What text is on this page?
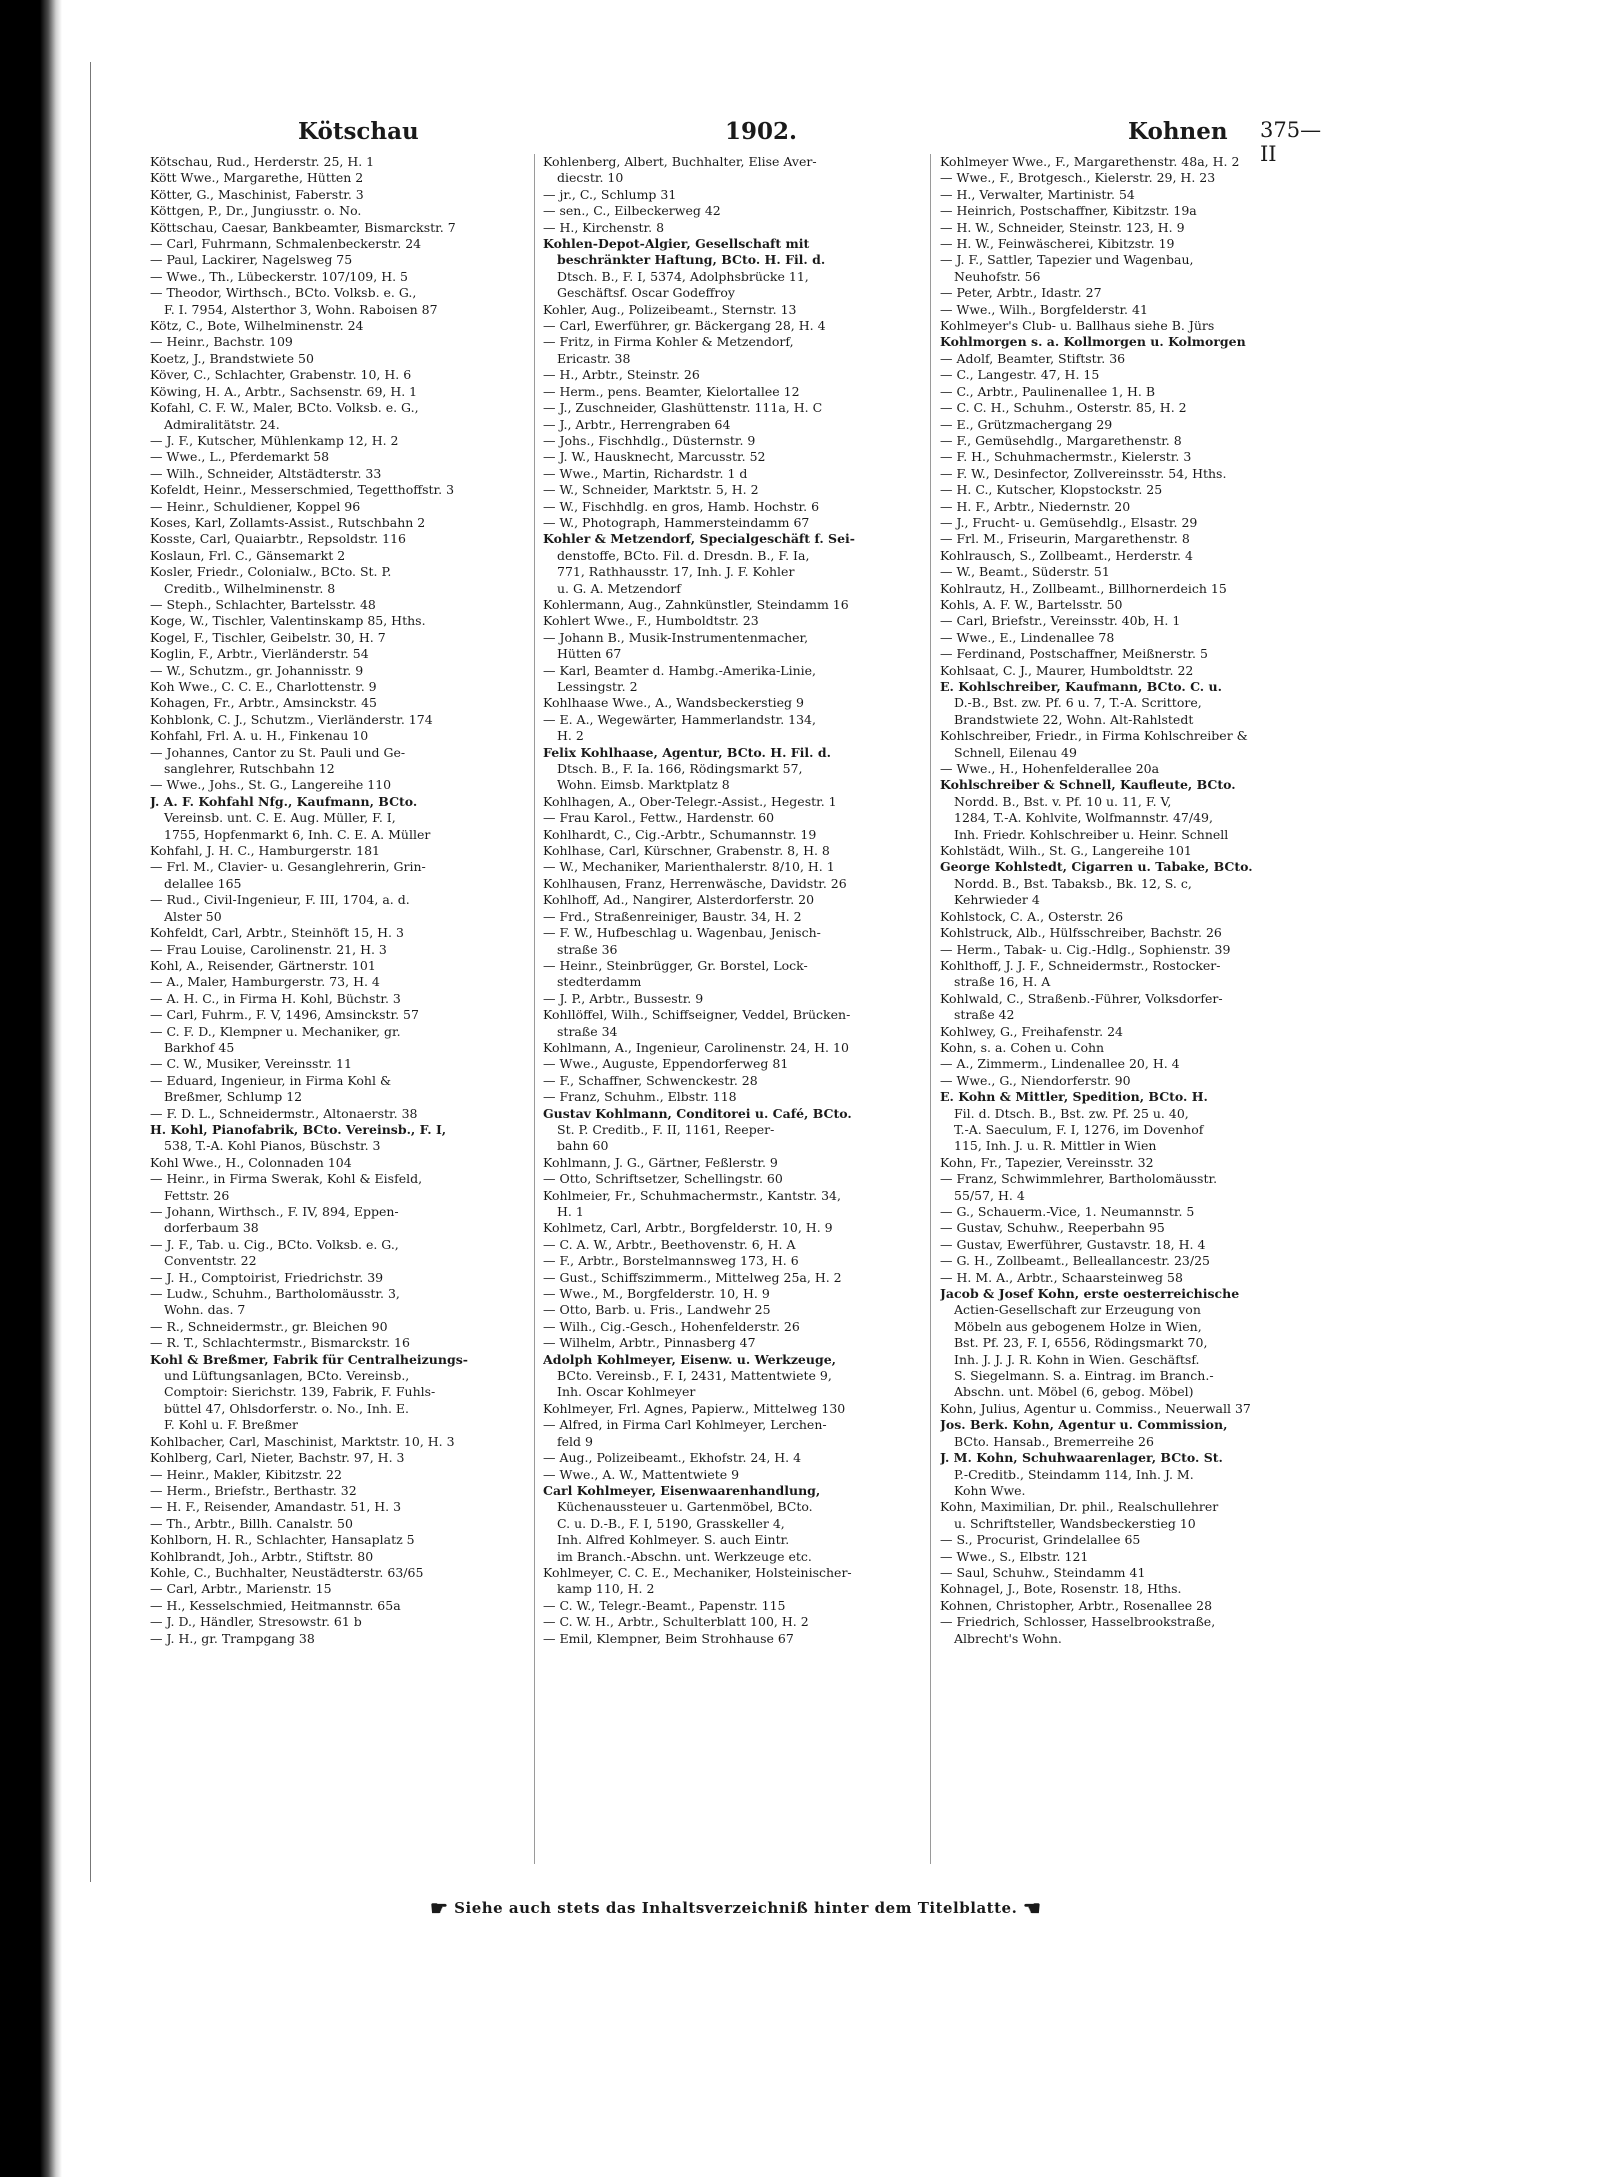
Kötschau	1902.	Kohnen 375—II
Kötschau, Rud., Herderstr. 25, H. 1
Kött Wwe., Margarethe, Hütten 2
Kötter, G., Maschinist, Faberstr. 3
Köttgen, P., Dr., Jungiusstr. o. No.
Köttschau, Caesar, Bankbeamter, Bismarckstr. 7
— Carl, Fuhrmann, Schmalenbeckerstr. 24
— Paul, Lackirer, Nagelsweg 75
— Wwe., Th., Lübeckerstr. 107/109, H. 5
— Theodor, Wirthsch., BCto. Volksb. e. G.,
F. I. 7954, Alsterthor 3, Wohn. Raboisen 87
Kötz, C., Bote, Wilhelminenstr. 24
— Heinr., Bachstr. 109
Koetz, J., Brandstwiete 50
Köver, C., Schlachter, Grabenstr. 10, H. 6
Köwing, H. A., Arbtr., Sachsenstr. 69, H. 1
Kofahl, C. F. W., Maler, BCto. Volksb. e. G.,
Admiralitätstr. 24.
— J. F., Kutscher, Mühlenkamp 12, H. 2
— Wwe., L., Pferdemarkt 58
— Wilh., Schneider, Altstädterstr. 33
Kofeldt, Heinr., Messerschmied, Tegetthoffstr. 3
— Heinr., Schuldiener, Koppel 96
Koses, Karl, Zollamts-Assist., Rutschbahn 2
Kosste, Carl, Quaiarbtr., Repsoldstr. 116
Koslaun, Frl. C., Gänsemarkt 2
Kosler, Friedr., Colonialw., BCto. St. P.
Creditb., Wilhelminenstr. 8
— Steph., Schlachter, Bartelsstr. 48
Koge, W., Tischler, Valentinskamp 85, Hths.
Kogel, F., Tischler, Geibelstr. 30, H. 7
Koglin, F., Arbtr., Vierländerstr. 54
— W., Schutzm., gr. Johannisstr. 9
Koh Wwe., C. C. E., Charlottenstr. 9
Kohagen, Fr., Arbtr., Amsinckstr. 45
Kohblonk, C. J., Schutzm., Vierländerstr. 174
Kohfahl, Frl. A. u. H., Finkenau 10
— Johannes, Cantor zu St. Pauli und Ge-
sanglehrer, Rutschbahn 12
— Wwe., Johs., St. G., Langereihe 110
J. A. F. Kohfahl Nfg., Kaufmann, BCto.
Vereinsb. unt. C. E. Aug. Müller, F. I,
1755, Hopfenmarkt 6, Inh. C. E. A. Müller
Kohfahl, J. H. C., Hamburgerstr. 181
— Frl. M., Clavier- u. Gesanglehrerin, Grin-
delallee 165
— Rud., Civil-Ingenieur, F. III, 1704, a. d.
Alster 50
Kohfeldt, Carl, Arbtr., Steinhöft 15, H. 3
— Frau Louise, Carolinenstr. 21, H. 3
Kohl, A., Reisender, Gärtnerstr. 101
— A., Maler, Hamburgerstr. 73, H. 4
— A. H. C., in Firma H. Kohl, Büchstr. 3
— Carl, Fuhrm., F. V, 1496, Amsinckstr. 57
— C. F. D., Klempner u. Mechaniker, gr.
Barkhof 45
— C. W., Musiker, Vereinsstr. 11
— Eduard, Ingenieur, in Firma Kohl &
Breßmer, Schlump 12
— F. D. L., Schneidermstr., Altonaerstr. 38
H. Kohl, Pianofabrik, BCto. Vereinsb., F. I,
538, T.-A. Kohl Pianos, Büschstr. 3
Kohl Wwe., H., Colonnaden 104
— Heinr., in Firma Swerak, Kohl & Eisfeld,
Fettstr. 26
— Johann, Wirthsch., F. IV, 894, Eppen-
dorferbaum 38
— J. F., Tab. u. Cig., BCto. Volksb. e. G.,
Conventstr. 22
— J. H., Comptoirist, Friedrichstr. 39
— Ludw., Schuhm., Bartholomäusstr. 3,
Wohn. das. 7
— R., Schneidermstr., gr. Bleichen 90
— R. T., Schlachtermstr., Bismarckstr. 16
Kohl & Breßmer, Fabrik für Centralheizungs-
und Lüftungsanlagen, BCto. Vereinsb.,
Comptoir: Sierichstr. 139, Fabrik, F. Fuhls-
büttel 47, Ohlsdorferstr. o. No., Inh. E.
F. Kohl u. F. Breßmer
Kohlbacher, Carl, Maschinist, Marktstr. 10, H. 3
Kohlberg, Carl, Nieter, Bachstr. 97, H. 3
— Heinr., Makler, Kibitzstr. 22
— Herm., Briefstr., Berthastr. 32
— H. F., Reisender, Amandastr. 51, H. 3
— Th., Arbtr., Billh. Canalstr. 50
Kohlborn, H. R., Schlachter, Hansaplatz 5
Kohlbrandt, Joh., Arbtr., Stiftstr. 80
Kohle, C., Buchhalter, Neustädterstr. 63/65
— Carl, Arbtr., Marienstr. 15
— H., Kesselschmied, Heitmannstr. 65a
— J. D., Händler, Stresowstr. 61 b
— J. H., gr. Trampgang 38
Kohlenberg, Albert, Buchhalter, Elise Aver-
diecstr. 10
— jr., C., Schlump 31
— sen., C., Eilbeckerweg 42
— H., Kirchenstr. 8
Kohlen-Depot-Algier, Gesellschaft mit
beschränkter Haftung, BCto. H. Fil. d.
Dtsch. B., F. I, 5374, Adolphsbrücke 11,
Geschäftsf. Oscar Godeffroy
Kohler, Aug., Polizeibeamt., Sternstr. 13
— Carl, Ewerführer, gr. Bäckergang 28, H. 4
— Fritz, in Firma Kohler & Metzendorf,
Ericastr. 38
— H., Arbtr., Steinstr. 26
— Herm., pens. Beamter, Kielortallee 12
— J., Zuschneider, Glashüttenstr. 111a, H. C
— J., Arbtr., Herrengraben 64
— Johs., Fischhdlg., Düsternstr. 9
— J. W., Hausknecht, Marcusstr. 52
— Wwe., Martin, Richardstr. 1 d
— W., Schneider, Marktstr. 5, H. 2
— W., Fischhdlg. en gros, Hamb. Hochstr. 6
— W., Photograph, Hammersteindamm 67
Kohler & Metzendorf, Specialgeschäft f. Sei-
denstoffe, BCto. Fil. d. Dresdn. B., F. Ia,
771, Rathhausstr. 17, Inh. J. F. Kohler
u. G. A. Metzendorf
Kohlermann, Aug., Zahnkünstler, Steindamm 16
Kohlert Wwe., F., Humboldtstr. 23
— Johann B., Musik-Instrumentenmacher,
Hütten 67
— Karl, Beamter d. Hambg.-Amerika-Linie,
Lessingstr. 2
Kohlhaase Wwe., A., Wandsbeckerstieg 9
— E. A., Wegewärter, Hammerlandstr. 134,
H. 2
Felix Kohlhaase, Agentur, BCto. H. Fil. d.
Dtsch. B., F. Ia. 166, Rödingsmarkt 57,
Wohn. Eimsb. Marktplatz 8
Kohlhagen, A., Ober-Telegr.-Assist., Hegestr. 1
— Frau Karol., Fettw., Hardenstr. 60
Kohlhardt, C., Cig.-Arbtr., Schumannstr. 19
Kohlhase, Carl, Kürschner, Grabenstr. 8, H. 8
— W., Mechaniker, Marienthalerstr. 8/10, H. 1
Kohlhausen, Franz, Herrenwäsche, Davidstr. 26
Kohlhoff, Ad., Nangirer, Alsterdorferstr. 20
— Frd., Straßenreiniger, Baustr. 34, H. 2
— F. W., Hufbeschlag u. Wagenbau, Jenisch-
straße 36
— Heinr., Steinbrügger, Gr. Borstel, Lock-
stedterdamm
— J. P., Arbtr., Bussestr. 9
Kohllöffel, Wilh., Schiffseigner, Veddel, Brücken-
straße 34
Kohlmann, A., Ingenieur, Carolinenstr. 24, H. 10
— Wwe., Auguste, Eppendorferweg 81
— F., Schaffner, Schwenckestr. 28
— Franz, Schuhm., Elbstr. 118
Gustav Kohlmann, Conditorei u. Café, BCto.
St. P. Creditb., F. II, 1161, Reeper-
bahn 60
Kohlmann, J. G., Gärtner, Feßlerstr. 9
— Otto, Schriftsetzer, Schellingstr. 60
Kohlmeier, Fr., Schuhmachermstr., Kantstr. 34,
H. 1
Kohlmetz, Carl, Arbtr., Borgfelderstr. 10, H. 9
— C. A. W., Arbtr., Beethovenstr. 6, H. A
— F., Arbtr., Borstelmannsweg 173, H. 6
— Gust., Schiffszimmerm., Mittelweg 25a, H. 2
— Wwe., M., Borgfelderstr. 10, H. 9
— Otto, Barb. u. Fris., Landwehr 25
— Wilh., Cig.-Gesch., Hohenfelderstr. 26
— Wilhelm, Arbtr., Pinnasberg 47
Adolph Kohlmeyer, Eisenw. u. Werkzeuge,
BCto. Vereinsb., F. I, 2431, Mattentwiete 9,
Inh. Oscar Kohlmeyer
Kohlmeyer, Frl. Agnes, Papierw., Mittelweg 130
— Alfred, in Firma Carl Kohlmeyer, Lerchen-
feld 9
— Aug., Polizeibeamt., Ekhofstr. 24, H. 4
— Wwe., A. W., Mattentwiete 9
Carl Kohlmeyer, Eisenwaarenhandlung,
Küchenaussteuer u. Gartenmöbel, BCto.
C. u. D.-B., F. I, 5190, Grasskeller 4,
Inh. Alfred Kohlmeyer. S. auch Eintr.
im Branch.-Abschn. unt. Werkzeuge etc.
Kohlmeyer, C. C. E., Mechaniker, Holsteinischer-
kamp 110, H. 2
— C. W., Telegr.-Beamt., Papenstr. 115
— C. W. H., Arbtr., Schulterblatt 100, H. 2
— Emil, Klempner, Beim Strohhause 67
Kohlmeyer Wwe., F., Margarethenstr. 48a, H. 2
— Wwe., F., Brotgesch., Kielerstr. 29, H. 23
— H., Verwalter, Martinistr. 54
— Heinrich, Postschaffner, Kibitzstr. 19a
— H. W., Schneider, Steinstr. 123, H. 9
— H. W., Feinwäscherei, Kibitzstr. 19
— J. F., Sattler, Tapezier und Wagenbau,
Neuhofstr. 56
— Peter, Arbtr., Idastr. 27
— Wwe., Wilh., Borgfelderstr. 41
Kohlmeyer's Club- u. Ballhaus siehe B. Jürs
Kohlmorgen s. a. Kollmorgen u. Kolmorgen
— Adolf, Beamter, Stiftstr. 36
— C., Langestr. 47, H. 15
— C., Arbtr., Paulinenallee 1, H. B
— C. C. H., Schuhm., Osterstr. 85, H. 2
— E., Grützmachergang 29
— F., Gemüsehdlg., Margarethenstr. 8
— F. H., Schuhmachermstr., Kielerstr. 3
— F. W., Desinfector, Zollvereinsstr. 54, Hths.
— H. C., Kutscher, Klopstockstr. 25
— H. F., Arbtr., Niedernstr. 20
— J., Frucht- u. Gemüsehdlg., Elsastr. 29
— Frl. M., Friseurin, Margarethenstr. 8
Kohlrausch, S., Zollbeamt., Herderstr. 4
— W., Beamt., Süderstr. 51
Kohlrautz, H., Zollbeamt., Billhornerdeich 15
Kohls, A. F. W., Bartelsstr. 50
— Carl, Briefstr., Vereinsstr. 40b, H. 1
— Wwe., E., Lindenallee 78
— Ferdinand, Postschaffner, Meißnerstr. 5
Kohlsaat, C. J., Maurer, Humboldtstr. 22
E. Kohlschreiber, Kaufmann, BCto. C. u.
D.-B., Bst. zw. Pf. 6 u. 7, T.-A. Scrittore,
Brandstwiete 22, Wohn. Alt-Rahlstedt
Kohlschreiber, Friedr., in Firma Kohlschreiber &
Schnell, Eilenau 49
— Wwe., H., Hohenfelderallee 20a
Kohlschreiber & Schnell, Kaufleute, BCto.
Nordd. B., Bst. v. Pf. 10 u. 11, F. V,
1284, T.-A. Kohlvite, Wolfmannstr. 47/49,
Inh. Friedr. Kohlschreiber u. Heinr. Schnell
Kohlstädt, Wilh., St. G., Langereihe 101
George Kohlstedt, Cigarren u. Tabake, BCto.
Nordd. B., Bst. Tabaksb., Bk. 12, S. c,
Kehrwieder 4
Kohlstock, C. A., Osterstr. 26
Kohlstruck, Alb., Hülfsschreiber, Bachstr. 26
— Herm., Tabak- u. Cig.-Hdlg., Sophienstr. 39
Kohlthoff, J. J. F., Schneidermstr., Rostocker-
straße 16, H. A
Kohlwald, C., Straßenb.-Führer, Volksdorfer-
straße 42
Kohlwey, G., Freihafenstr. 24
Kohn, s. a. Cohen u. Cohn
— A., Zimmerm., Lindenallee 20, H. 4
— Wwe., G., Niendorferstr. 90
E. Kohn & Mittler, Spedition, BCto. H.
Fil. d. Dtsch. B., Bst. zw. Pf. 25 u. 40,
T.-A. Saeculum, F. I, 1276, im Dovenhof
115, Inh. J. u. R. Mittler in Wien
Kohn, Fr., Tapezier, Vereinsstr. 32
— Franz, Schwimmlehrer, Bartholomäusstr.
55/57, H. 4
— G., Schauerm.-Vice, 1. Neumannstr. 5
— Gustav, Schuhw., Reeperbahn 95
— Gustav, Ewerführer, Gustavstr. 18, H. 4
— G. H., Zollbeamt., Belleallancestr. 23/25
— H. M. A., Arbtr., Schaarsteinweg 58
Jacob & Josef Kohn, erste oesterreichische
Actien-Gesellschaft zur Erzeugung von
Möbeln aus gebogenem Holze in Wien,
Bst. Pf. 23, F. I, 6556, Rödingsmarkt 70,
Inh. J. J. J. R. Kohn in Wien. Geschäftsf.
S. Siegelmann. S. a. Eintrag. im Branch.-
Abschn. unt. Möbel (6, gebog. Möbel)
Kohn, Julius, Agentur u. Commiss., Neuerwall 37
Jos. Berk. Kohn, Agentur u. Commission,
BCto. Hansab., Bremerreihe 26
J. M. Kohn, Schuhwaarenlager, BCto. St.
P.-Creditb., Steindamm 114, Inh. J. M.
Kohn Wwe.
Kohn, Maximilian, Dr. phil., Realschullehrer
u. Schriftsteller, Wandsbeckerstieg 10
— S., Procurist, Grindelallee 65
— Wwe., S., Elbstr. 121
— Saul, Schuhw., Steindamm 41
Kohnagel, J., Bote, Rosenstr. 18, Hths.
Kohnen, Christopher, Arbtr., Rosenallee 28
— Friedrich, Schlosser, Hasselbrookstraße,
Albrecht's Wohn.
☛ Siehe auch stets das Inhaltsverzeichniß hinter dem Titelblatte. ☚
